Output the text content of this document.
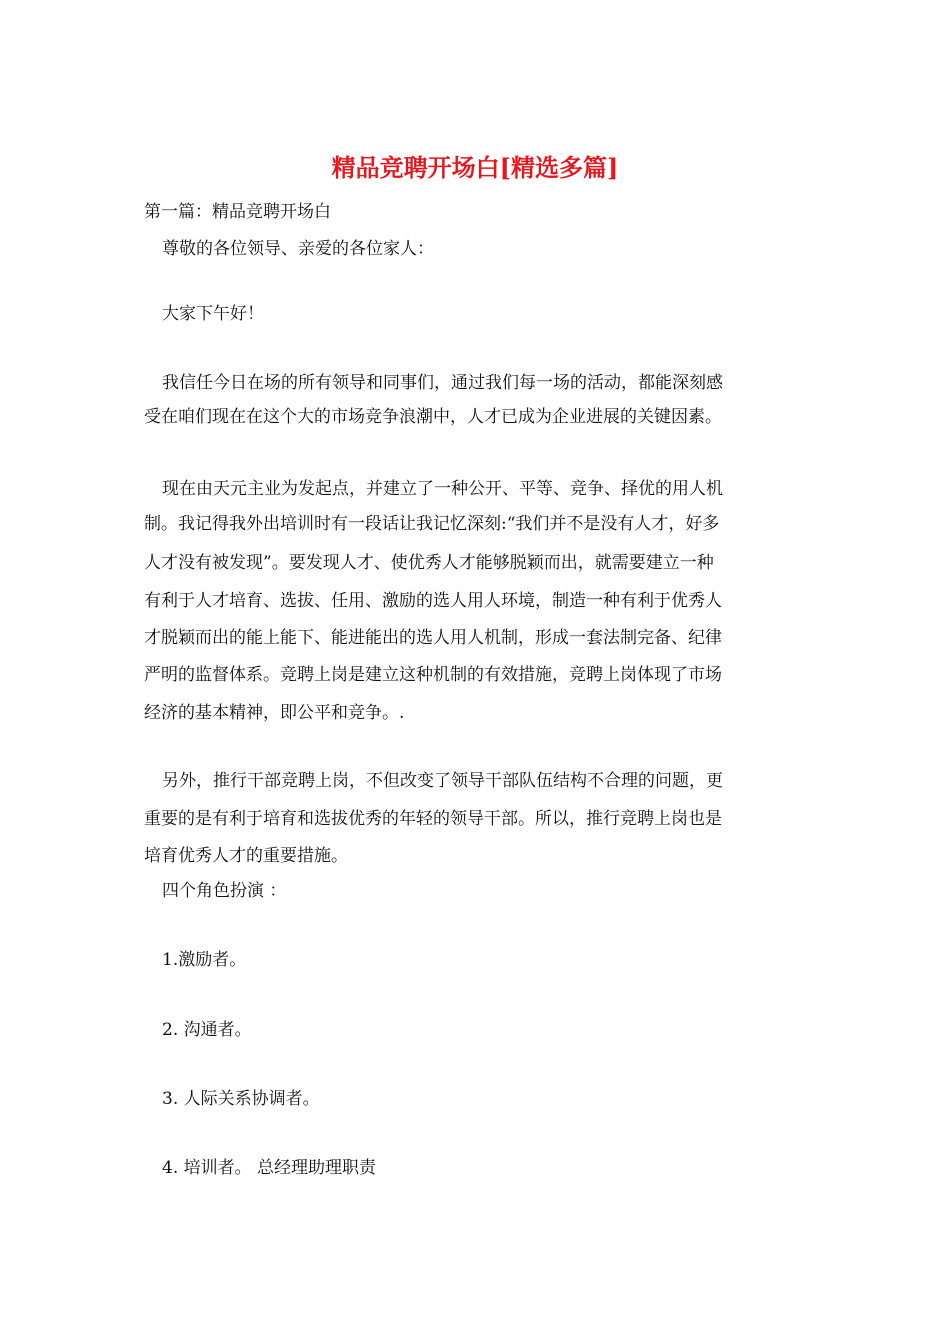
精品竞聘开场白[精选多篇]
第一篇：精品竞聘开场白
尊敬的各位领导、亲爱的各位家人：
大家下午好！
我信任今日在场的所有领导和同事们，通过我们每一场的活动，都能深刻感
受在咱们现在在这个大的市场竞争浪潮中，人才已成为企业进展的关键因素。
现在由天元主业为发起点，并建立了一种公开、平等、竞争、择优的用人机
制。我记得我外出培训时有一段话让我记忆深刻:“我们并不是没有人才，好多
人才没有被发现”。要发现人才、使优秀人才能够脱颖而出，就需要建立一种
有利于人才培育、选拔、任用、激励的选人用人环境，制造一种有利于优秀人
才脱颖而出的能上能下、能进能出的选人用人机制，形成一套法制完备、纪律
严明的监督体系。竞聘上岗是建立这种机制的有效措施，竞聘上岗体现了市场
经济的基本精神，即公平和竞争。.
另外，推行干部竞聘上岗，不但改变了领导干部队伍结构不合理的问题，更
重要的是有利于培育和选拔优秀的年轻的领导干部。所以，推行竞聘上岗也是
培育优秀人才的重要措施。
四个角色扮演 ：
1.激励者。
2. 沟通者。
3. 人际关系协调者。
4. 培训者。 总经理助理职责
